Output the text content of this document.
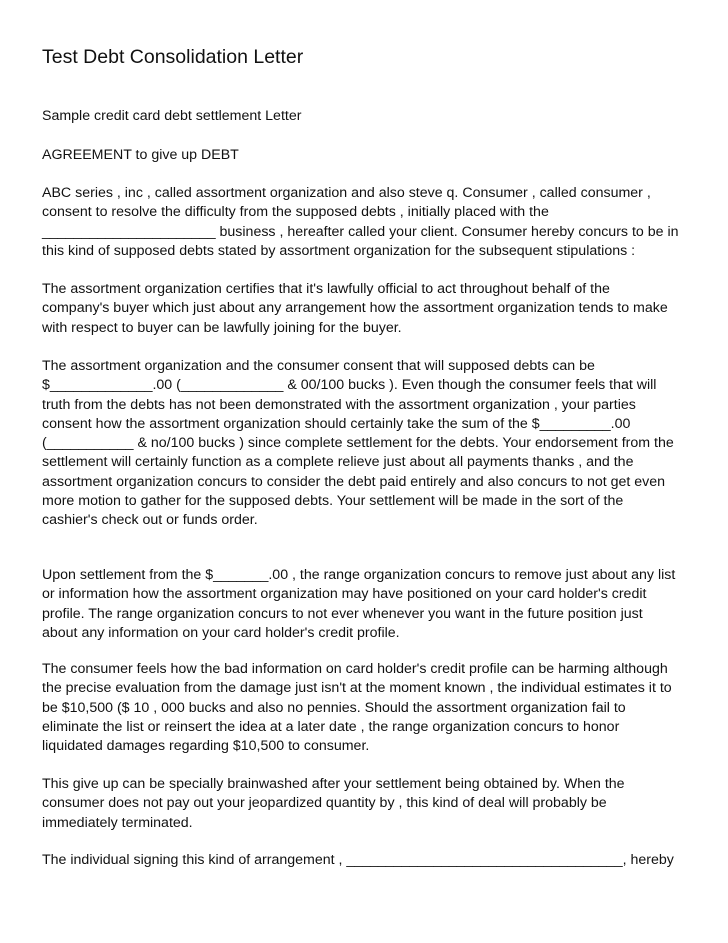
Test Debt Consolidation Letter

Sample credit card debt settlement Letter

AGREEMENT to give up DEBT

ABC series , inc , called assortment organization and also steve q. Consumer , called consumer ,
consent to resolve the difficulty from the supposed debts , initially placed with the
______________________ business , hereafter called your client. Consumer hereby concurs to be in
this kind of supposed debts stated by assortment organization for the subsequent stipulations :

The assortment organization certifies that it's lawfully official to act throughout behalf of the
company's buyer which just about any arrangement how the assortment organization tends to make
with respect to buyer can be lawfully joining for the buyer.

The assortment organization and the consumer consent that will supposed debts can be
$_____________.00 (_____________ & 00/100 bucks ). Even though the consumer feels that will
truth from the debts has not been demonstrated with the assortment organization , your parties
consent how the assortment organization should certainly take the sum of the $_________.00
(___________ & no/100 bucks ) since complete settlement for the debts. Your endorsement from the
settlement will certainly function as a complete relieve just about all payments thanks , and the
assortment organization concurs to consider the debt paid entirely and also concurs to not get even
more motion to gather for the supposed debts. Your settlement will be made in the sort of the
cashier's check out or funds order.

Upon settlement from the $_______.00 , the range organization concurs to remove just about any list
or information how the assortment organization may have positioned on your card holder's credit
profile. The range organization concurs to not ever whenever you want in the future position just
about any information on your card holder's credit profile.

The consumer feels how the bad information on card holder's credit profile can be harming although
the precise evaluation from the damage just isn't at the moment known , the individual estimates it to
be $10,500 ($ 10 , 000 bucks and also no pennies. Should the assortment organization fail to
eliminate the list or reinsert the idea at a later date , the range organization concurs to honor
liquidated damages regarding $10,500 to consumer.

This give up can be specially brainwashed after your settlement being obtained by. When the
consumer does not pay out your jeopardized quantity by , this kind of deal will probably be
immediately terminated.

The individual signing this kind of arrangement , ___________________________________, hereby
